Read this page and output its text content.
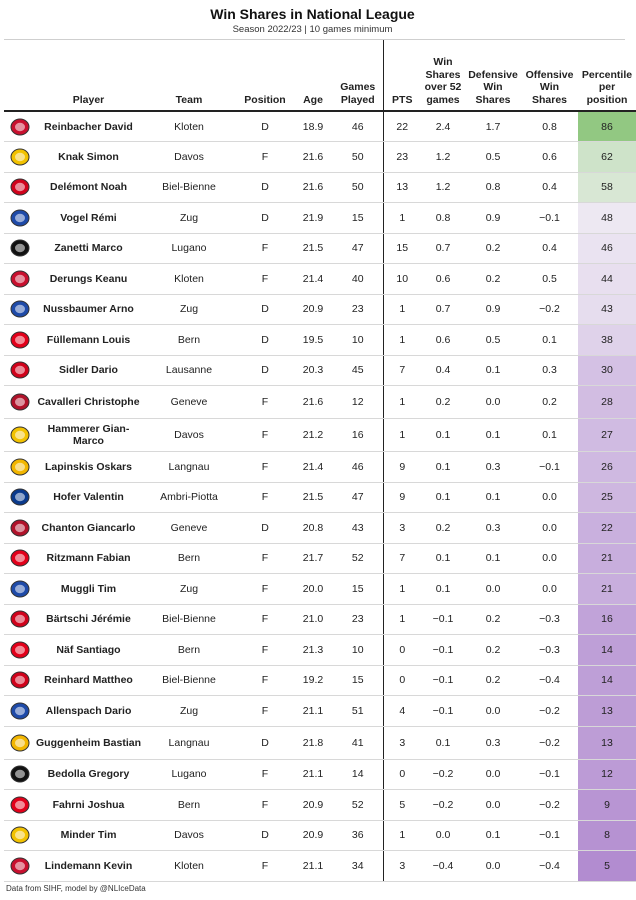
Win Shares in National League
Season 2022/23 | 10 games minimum
	Player	Team	Position	Age	Games Played	PTS	Win Shares over 52 games	Defensive Win Shares	Offensive Win Shares	Percentile per position

	Reinbacher David	Kloten	D	18.9	46	22	2.4	1.7	0.8	86

	Knak Simon	Davos	F	21.6	50	23	1.2	0.5	0.6	62

	Delémont Noah	Biel-Bienne	D	21.6	50	13	1.2	0.8	0.4	58

	Vogel Rémi	Zug	D	21.9	15	1	0.8	0.9	−0.1	48

	Zanetti Marco	Lugano	F	21.5	47	15	0.7	0.2	0.4	46

	Derungs Keanu	Kloten	F	21.4	40	10	0.6	0.2	0.5	44

	Nussbaumer Arno	Zug	D	20.9	23	1	0.7	0.9	−0.2	43

	Füllemann Louis	Bern	D	19.5	10	1	0.6	0.5	0.1	38

	Sidler Dario	Lausanne	D	20.3	45	7	0.4	0.1	0.3	30

	Cavalleri Christophe	Geneve	F	21.6	12	1	0.2	0.0	0.2	28

	Hammerer Gian-Marco	Davos	F	21.2	16	1	0.1	0.1	0.1	27

	Lapinskis Oskars	Langnau	F	21.4	46	9	0.1	0.3	−0.1	26

	Hofer Valentin	Ambri-Piotta	F	21.5	47	9	0.1	0.1	0.0	25

	Chanton Giancarlo	Geneve	D	20.8	43	3	0.2	0.3	0.0	22

	Ritzmann Fabian	Bern	F	21.7	52	7	0.1	0.1	0.0	21

	Muggli Tim	Zug	F	20.0	15	1	0.1	0.0	0.0	21

	Bärtschi Jérémie	Biel-Bienne	F	21.0	23	1	−0.1	0.2	−0.3	16

	Näf Santiago	Bern	F	21.3	10	0	−0.1	0.2	−0.3	14

	Reinhard Mattheo	Biel-Bienne	F	19.2	15	0	−0.1	0.2	−0.4	14

	Allenspach Dario	Zug	F	21.1	51	4	−0.1	0.0	−0.2	13

	Guggenheim Bastian	Langnau	D	21.8	41	3	0.1	0.3	−0.2	13

	Bedolla Gregory	Lugano	F	21.1	14	0	−0.2	0.0	−0.1	12

	Fahrni Joshua	Bern	F	20.9	52	5	−0.2	0.0	−0.2	9

	Minder Tim	Davos	D	20.9	36	1	0.0	0.1	−0.1	8

	Lindemann Kevin	Kloten	F	21.1	34	3	−0.4	0.0	−0.4	5
Data from SIHF, model by @NLIceData
